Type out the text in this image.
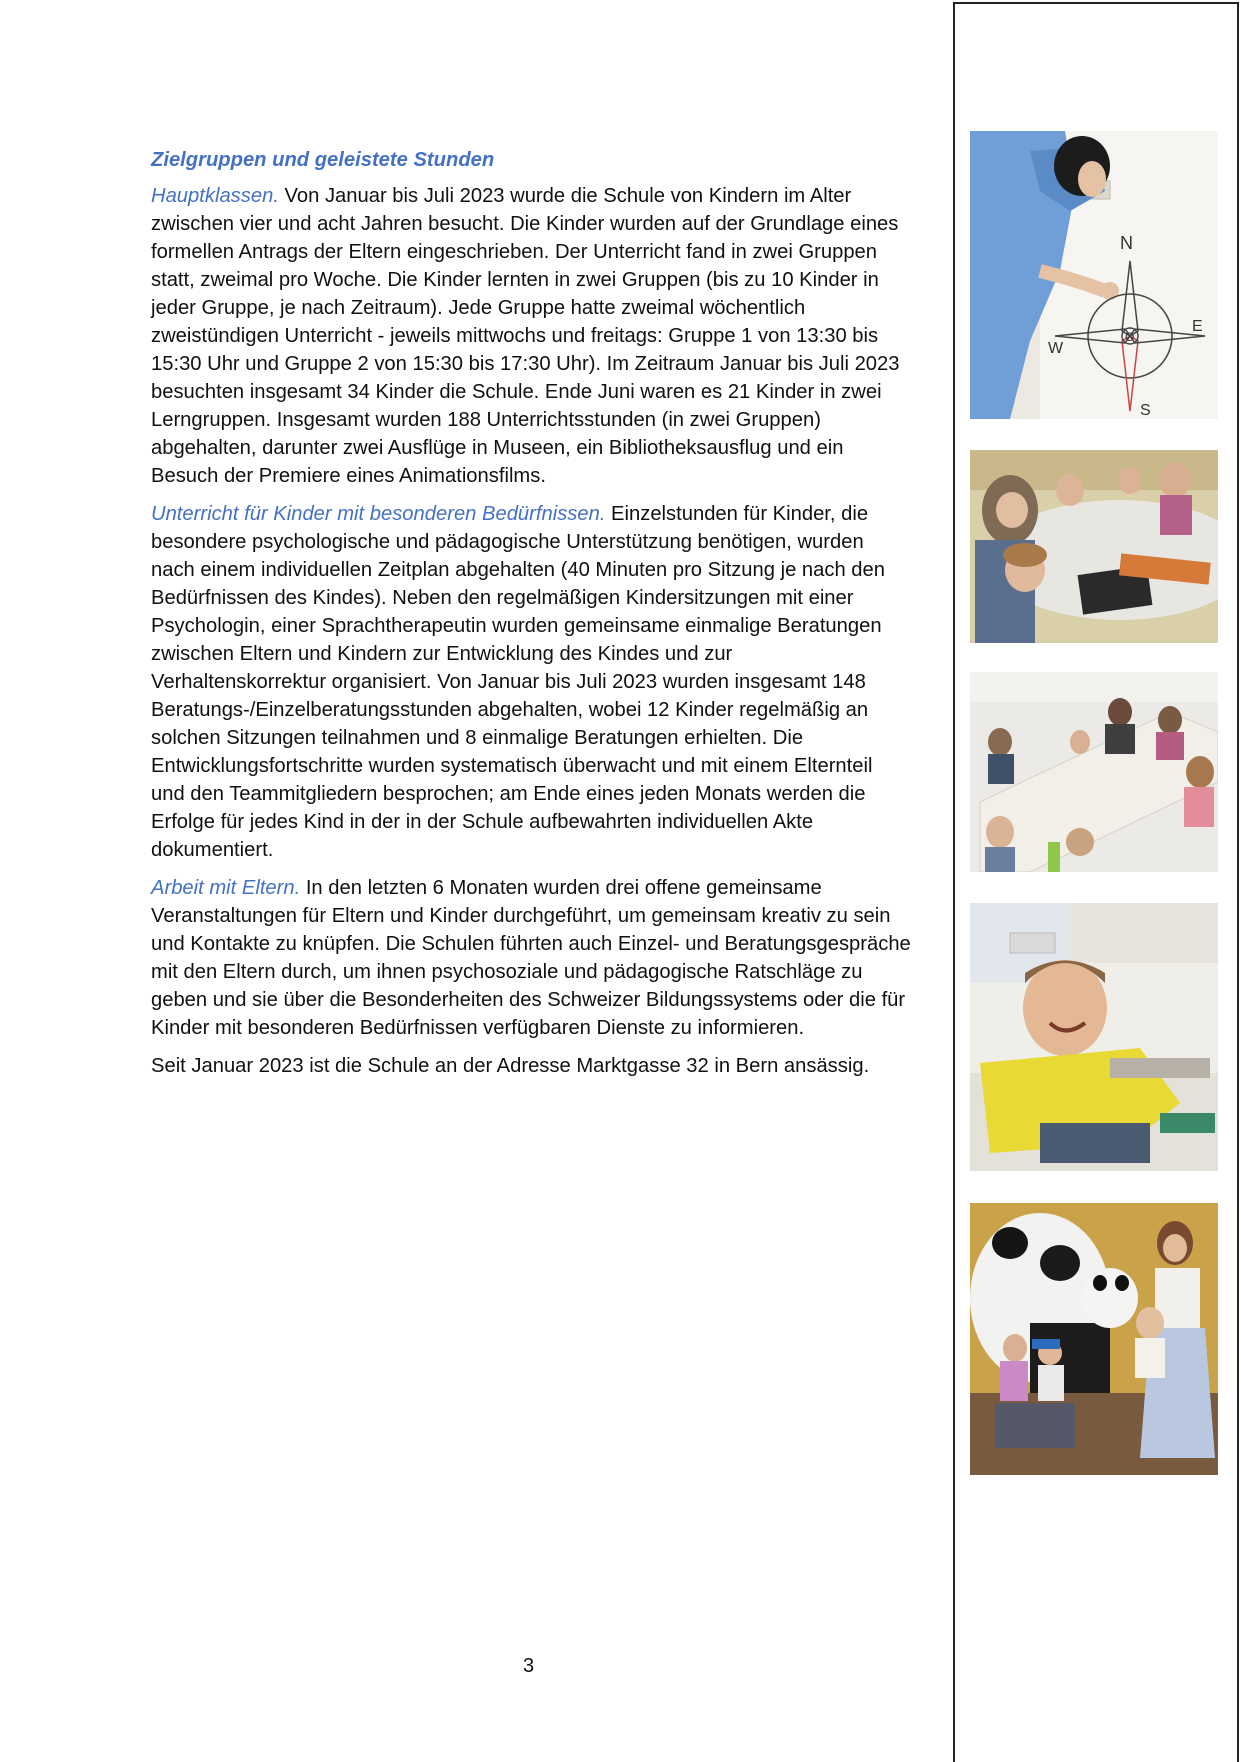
Zielgruppen und geleistete Stunden

Hauptklassen. Von Januar bis Juli 2023 wurde die Schule von Kindern im Alter zwischen vier und acht Jahren besucht. Die Kinder wurden auf der Grundlage eines formellen Antrags der Eltern eingeschrieben. Der Unterricht fand in zwei Gruppen statt, zweimal pro Woche. Die Kinder lernten in zwei Gruppen (bis zu 10 Kinder in jeder Gruppe, je nach Zeitraum). Jede Gruppe hatte zweimal wöchentlich zweistündigen Unterricht - jeweils mittwochs und freitags: Gruppe 1 von 13:30 bis 15:30 Uhr und Gruppe 2 von 15:30 bis 17:30 Uhr). Im Zeitraum Januar bis Juli 2023 besuchten insgesamt 34 Kinder die Schule. Ende Juni waren es 21 Kinder in zwei Lerngruppen. Insgesamt wurden 188 Unterrichtsstunden (in zwei Gruppen) abgehalten, darunter zwei Ausflüge in Museen, ein Bibliotheksausflug und ein Besuch der Premiere eines Animationsfilms.

Unterricht für Kinder mit besonderen Bedürfnissen. Einzelstunden für Kinder, die besondere psychologische und pädagogische Unterstützung benötigen, wurden nach einem individuellen Zeitplan abgehalten (40 Minuten pro Sitzung je nach den Bedürfnissen des Kindes). Neben den regelmäßigen Kindersitzungen mit einer Psychologin, einer Sprachtherapeutin wurden gemeinsame einmalige Beratungen zwischen Eltern und Kindern zur Entwicklung des Kindes und zur Verhaltenskorrektur organisiert. Von Januar bis Juli 2023 wurden insgesamt 148 Beratungs-/Einzelberatungsstunden abgehalten, wobei 12 Kinder regelmäßig an solchen Sitzungen teilnahmen und 8 einmalige Beratungen erhielten. Die Entwicklungsfortschritte wurden systematisch überwacht und mit einem Elternteil und den Teammitgliedern besprochen; am Ende eines jeden Monats werden die Erfolge für jedes Kind in der in der Schule aufbewahrten individuellen Akte dokumentiert.

Arbeit mit Eltern. In den letzten 6 Monaten wurden drei offene gemeinsame Veranstaltungen für Eltern und Kinder durchgeführt, um gemeinsam kreativ zu sein und Kontakte zu knüpfen. Die Schulen führten auch Einzel- und Beratungsgespräche mit den Eltern durch, um ihnen psychosoziale und pädagogische Ratschläge zu geben und sie über die Besonderheiten des Schweizer Bildungssystems oder die für Kinder mit besonderen Bedürfnissen verfügbaren Dienste zu informieren.

Seit Januar 2023 ist die Schule an der Adresse Marktgasse 32 in Bern ansässig.

N
E
S
W
O
3
